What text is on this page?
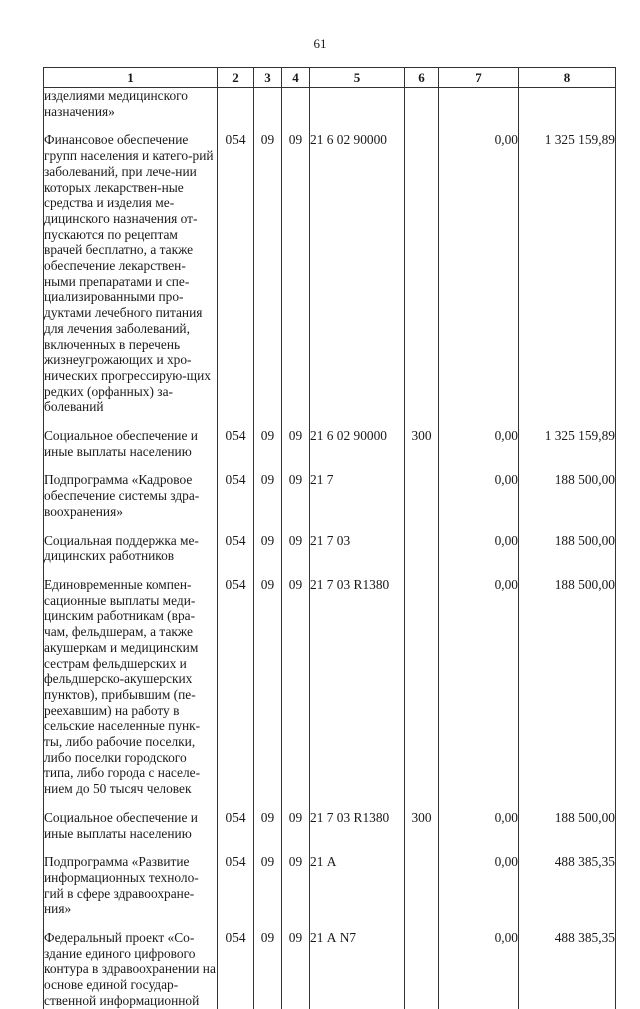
61
1	2	3	4	5	6	7	8
изделиями медицинского назначения»							

Финансовое обеспечение групп населения и катего-рий заболеваний, при лече-нии которых лекарствен-ные средства и изделия ме-дицинского назначения от-пускаются по рецептам врачей бесплатно, а также обеспечение лекарствен-ными препаратами и спе-циализированными про-дуктами лечебного питания для лечения заболеваний, включенных в перечень жизнеугрожающих и хро-нических прогрессирую-щих редких (орфанных) за-болеваний	054	09	09	21 6 02 90000		0,00	1 325 159,89

Социальное обеспечение и иные выплаты населению	054	09	09	21 6 02 90000	300	0,00	1 325 159,89

Подпрограмма «Кадровое обеспечение системы здра-воохранения»	054	09	09	21 7		0,00	188 500,00

Социальная поддержка ме-дицинских работников	054	09	09	21 7 03		0,00	188 500,00

Единовременные компен-сационные выплаты меди-цинским работникам (вра-чам, фельдшерам, а также акушеркам и медицинским сестрам фельдшерских и фельдшерско-акушерских пунктов), прибывшим (пе-реехавшим) на работу в сельские населенные пунк-ты, либо рабочие поселки, либо поселки городского типа, либо города с населе-нием до 50 тысяч человек	054	09	09	21 7 03 R1380		0,00	188 500,00

Социальное обеспечение и иные выплаты населению	054	09	09	21 7 03 R1380	300	0,00	188 500,00

Подпрограмма «Развитие информационных техноло-гий в сфере здравоохране-ния»	054	09	09	21 А		0,00	488 385,35

Федеральный проект «Со-здание единого цифрового контура в здравоохранении на основе единой государ-ственной информационной	054	09	09	21 А N7		0,00	488 385,35
